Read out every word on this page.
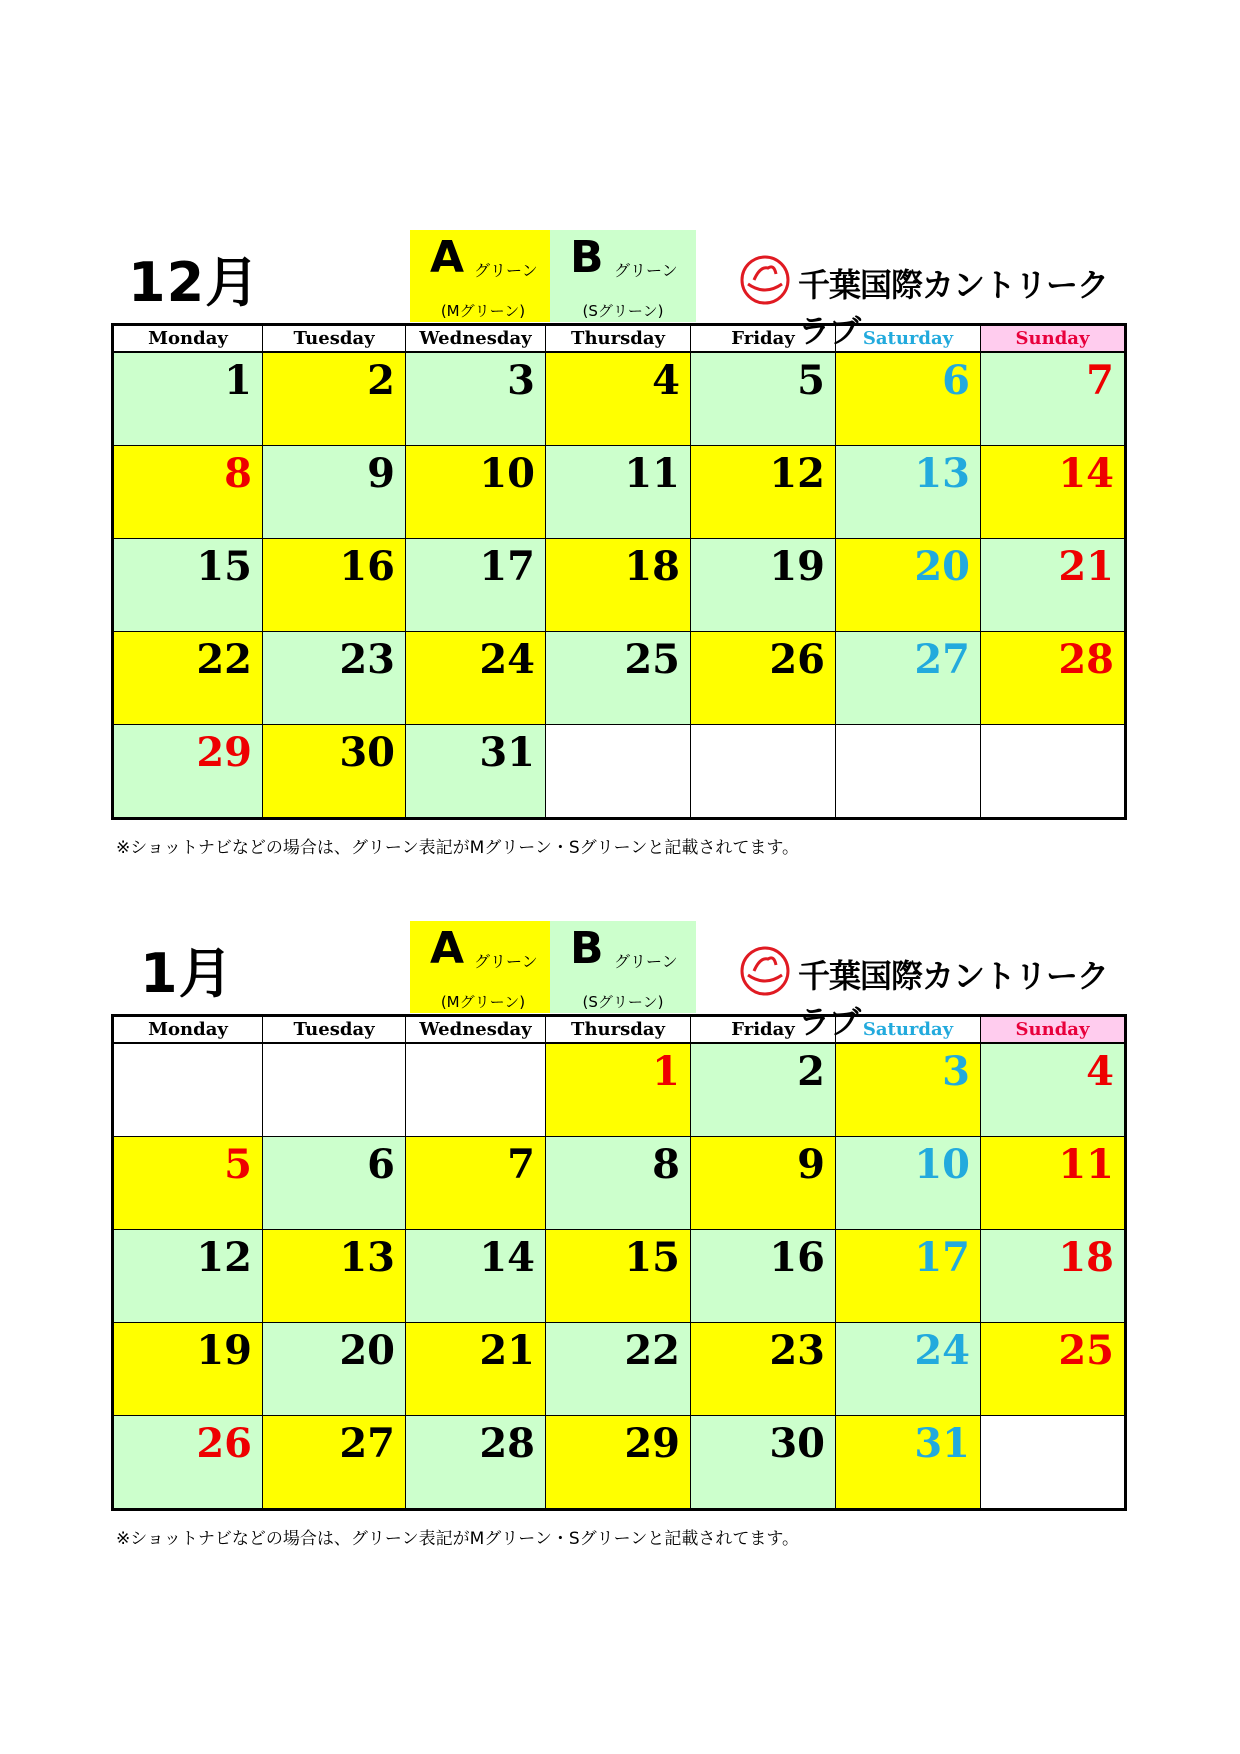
12月	A グリーン
(Mグリーン)
B グリーン
(Sグリーン)
千葉国際カントリークラブ
Monday	Tuesday	Wednesday	Thursday	Friday	Saturday	Sunday

1	2	3	4	5	6	7

8	9	10	11	12	13	14

15	16	17	18	19	20	21

22	23	24	25	26	27	28

29	30	31				

※ショットナビなどの場合は、グリーン表記がMグリーン・Sグリーンと記載されてます。
1月	A グリーン
(Mグリーン)
B グリーン
(Sグリーン)
千葉国際カントリークラブ
Monday	Tuesday	Wednesday	Thursday	Friday	Saturday	Sunday

			1	2	3	4

5	6	7	8	9	10	11

12	13	14	15	16	17	18

19	20	21	22	23	24	25

26	27	28	29	30	31	

※ショットナビなどの場合は、グリーン表記がMグリーン・Sグリーンと記載されてます。
